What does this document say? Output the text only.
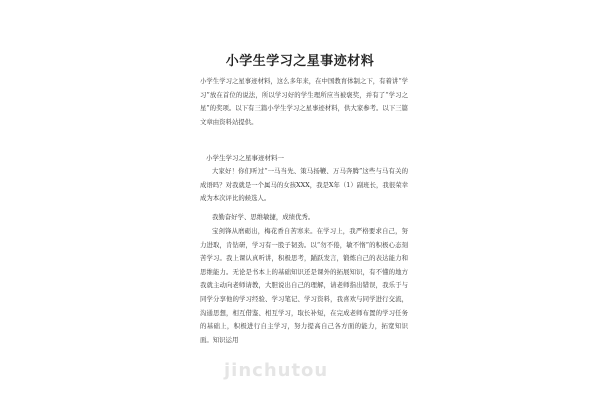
小学生学习之星事迹材料

小学生学习之星事迹材料，这么多年来，在中国教育体制之下，有着讲“学习”放在首位的说法，所以学习好的学生理所应当被褒奖，并有了“学习之星”的奖项。以下有三篇小学生学习之星事迹材料，供大家参考。以下三篇文章由资料站提供。

小学生学习之星事迹材料一

大家好！你们听过“一马当先、策马扬鞭、万马奔腾”这些与马有关的成语吗？对我就是一个属马的女孩XXX，我是X年（1）副班长，我很荣幸成为本次评比的候选人。

我勤奋好学、思维敏捷，成绩优秀。

宝剑锋从磨砺出，梅花香自苦寒来。在学习上，我严格要求自己，努力进取，肯钻研，学习有一股子韧劲。以“勿不倦，敏不惰”的积极心态刻苦学习。我上课认真听讲，积极思考，踊跃发言，锻炼自己的表达能力和思维能力。无论是书本上的基础知识还是课外的拓展知识，有不懂的地方我就主动向老师请教，大胆说出自己的理解，请老师指出错误，我乐于与同学分享他的学习经验、学习笔记、学习资料，我喜欢与同学进行交流，沟通思想，相互借鉴、相互学习，取长补短，在完成老师布置的学习任务的基础上，积极进行自主学习，努力提高自己各方面的能力，拓宽知识面。知识运用

jinchutou
